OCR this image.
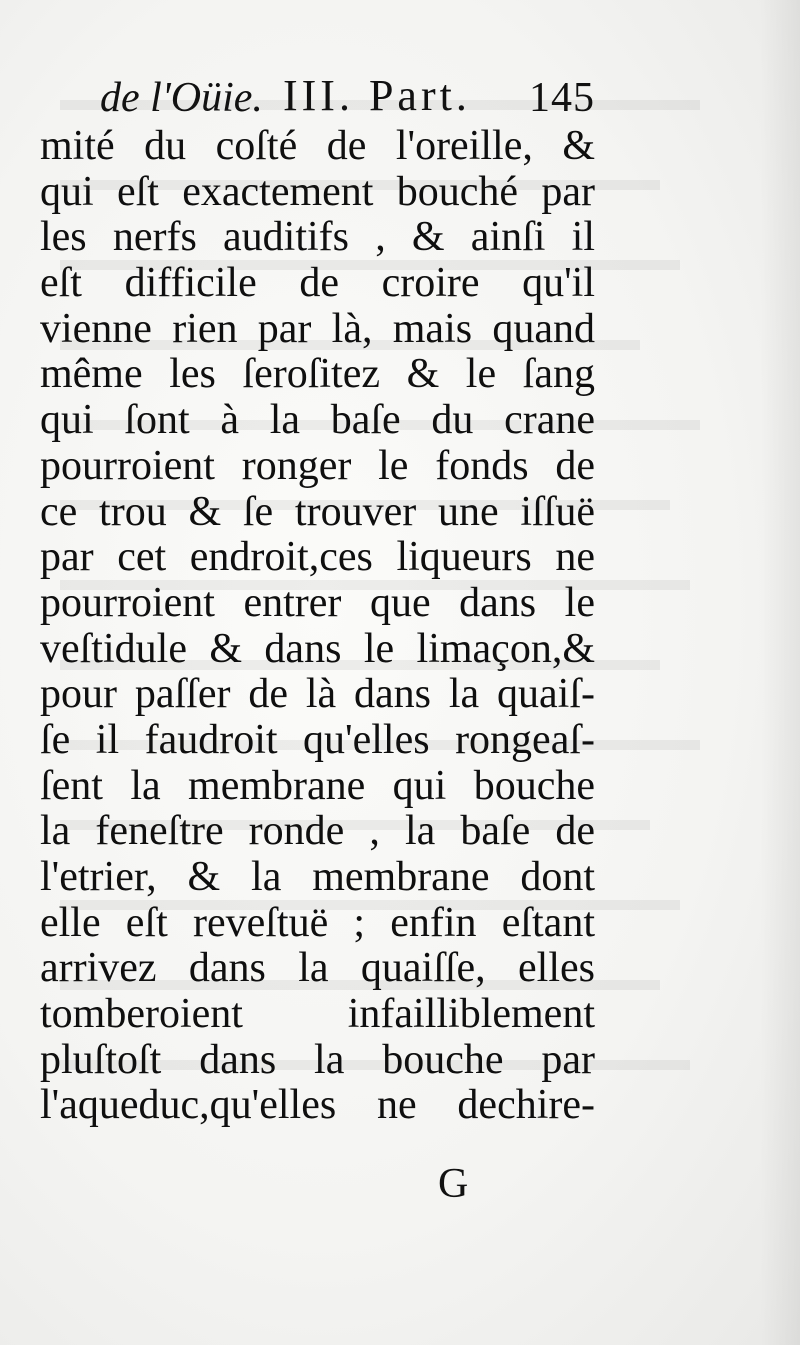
de l'Oüie. III. Part. 145
mité du coſté de l'oreille, &
qui eſt exactement bouché par
les nerfs auditifs , & ainſi il
eſt difficile de croire qu'il
vienne rien par là, mais quand
même les ſeroſitez & le ſang
qui ſont à la baſe du crane
pourroient ronger le fonds de
ce trou & ſe trouver une iſſuë
par cet endroit,ces liqueurs ne
pourroient entrer que dans le
veſtidule & dans le limaçon,&
pour paſſer de là dans la quaiſ-
ſe il faudroit qu'elles rongeaſ-
ſent la membrane qui bouche
la feneſtre ronde , la baſe de
l'etrier, & la membrane dont
elle eſt reveſtuë ; enfin eſtant
arrivez dans la quaiſſe, elles
tomberoient infailliblement
pluſtoſt dans la bouche par
l'aqueduc,qu'elles ne dechire-
G
